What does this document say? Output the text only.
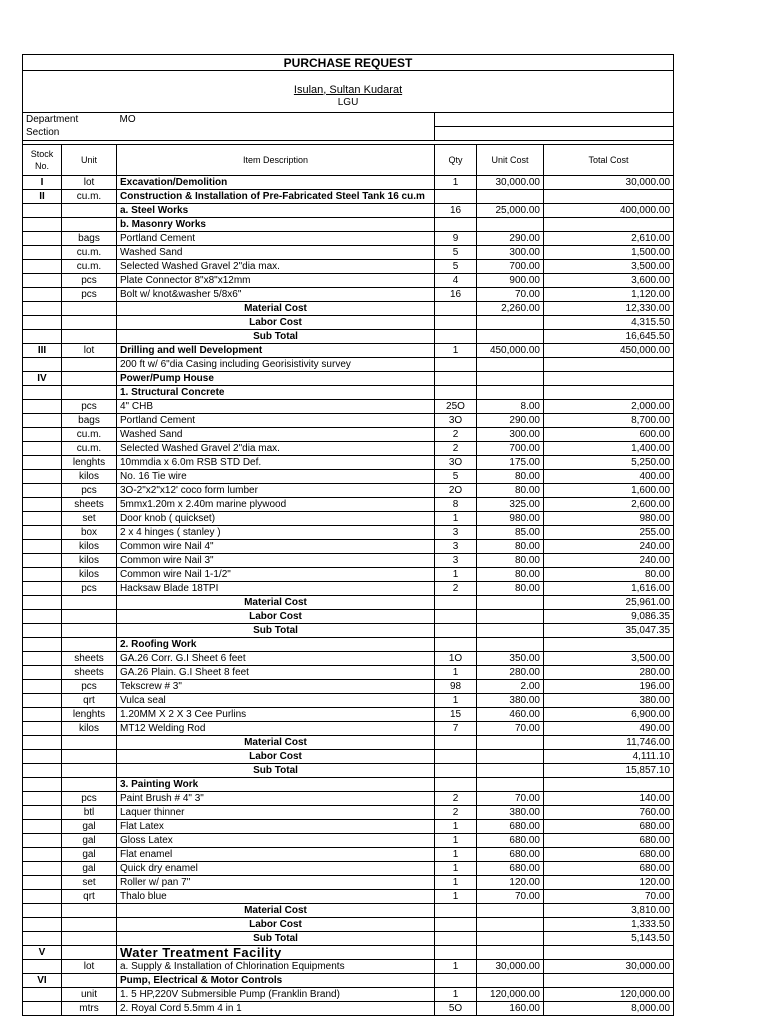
PURCHASE REQUEST					

Isulan, Sultan Kudarat					
LGU					

Department		MO			
Section					

Stock No.	Unit	Item Description	Qty	Unit Cost	Total Cost
I	lot	Excavation/Demolition	1	30,000.00	30,000.00
II	cu.m.	Construction & Installation of Pre-Fabricated Steel Tank 16 cu.m			
		a. Steel Works	16	25,000.00	400,000.00
		b. Masonry Works			
	bags	Portland Cement	9	290.00	2,610.00
	cu.m.	Washed Sand	5	300.00	1,500.00
	cu.m.	Selected Washed Gravel 2"dia max.	5	700.00	3,500.00
	pcs	Plate Connector 8"x8"x12mm	4	900.00	3,600.00
	pcs	Bolt w/ knot&washer 5/8x6"	16	70.00	1,120.00
		Material Cost		2,260.00	12,330.00
		Labor Cost			4,315.50
		Sub Total			16,645.50
III	lot	Drilling and well Development	1	450,000.00	450,000.00
		200 ft w/ 6"dia Casing including Georisistivity survey			
IV		Power/Pump House			
		1. Structural Concrete			
	pcs	4" CHB	25O	8.00	2,000.00
	bags	Portland Cement	3O	290.00	8,700.00
	cu.m.	Washed Sand	2	300.00	600.00
	cu.m.	Selected Washed Gravel 2"dia max.	2	700.00	1,400.00
	lenghts	10mmdia x 6.0m RSB STD Def.	3O	175.00	5,250.00
	kilos	No. 16 Tie wire	5	80.00	400.00
	pcs	3O-2"x2"x12' coco form lumber	2O	80.00	1,600.00
	sheets	5mmx1.20m x 2.40m marine plywood	8	325.00	2,600.00
	set	Door knob ( quickset)	1	980.00	980.00
	box	2 x 4 hinges ( stanley )	3	85.00	255.00
	kilos	Common wire Nail 4"	3	80.00	240.00
	kilos	Common wire Nail 3"	3	80.00	240.00
	kilos	Common wire Nail 1-1/2"	1	80.00	80.00
	pcs	Hacksaw Blade 18TPI	2	80.00	1,616.00
		Material Cost			25,961.00
		Labor Cost			9,086.35
		Sub Total			35,047.35
		2. Roofing Work			
	sheets	GA.26 Corr. G.I Sheet 6 feet	1O	350.00	3,500.00
	sheets	GA.26 Plain. G.I Sheet 8 feet	1	280.00	280.00
	pcs	Tekscrew # 3"	98	2.00	196.00
	qrt	Vulca seal	1	380.00	380.00
	lenghts	1.20MM X 2 X 3 Cee Purlins	15	460.00	6,900.00
	kilos	MT12 Welding Rod	7	70.00	490.00
		Material Cost			11,746.00
		Labor Cost			4,111.10
		Sub Total			15,857.10
		3. Painting Work			
	pcs	Paint Brush # 4" 3"	2	70.00	140.00
	btl	Laquer thinner	2	380.00	760.00
	gal	Flat Latex	1	680.00	680.00
	gal	Gloss Latex	1	680.00	680.00
	gal	Flat enamel	1	680.00	680.00
	gal	Quick dry enamel	1	680.00	680.00
	set	Roller w/ pan 7"	1	120.00	120.00
	qrt	Thalo blue	1	70.00	70.00
		Material Cost			3,810.00
		Labor Cost			1,333.50
		Sub Total			5,143.50
V		Water Treatment Facility			
	lot	a. Supply & Installation of Chlorination Equipments	1	30,000.00	30,000.00
VI		Pump, Electrical & Motor Controls			
	unit	1. 5 HP,220V Submersible Pump (Franklin Brand)	1	120,000.00	120,000.00
	mtrs	2. Royal Cord 5.5mm 4 in 1	5O	160.00	8,000.00
